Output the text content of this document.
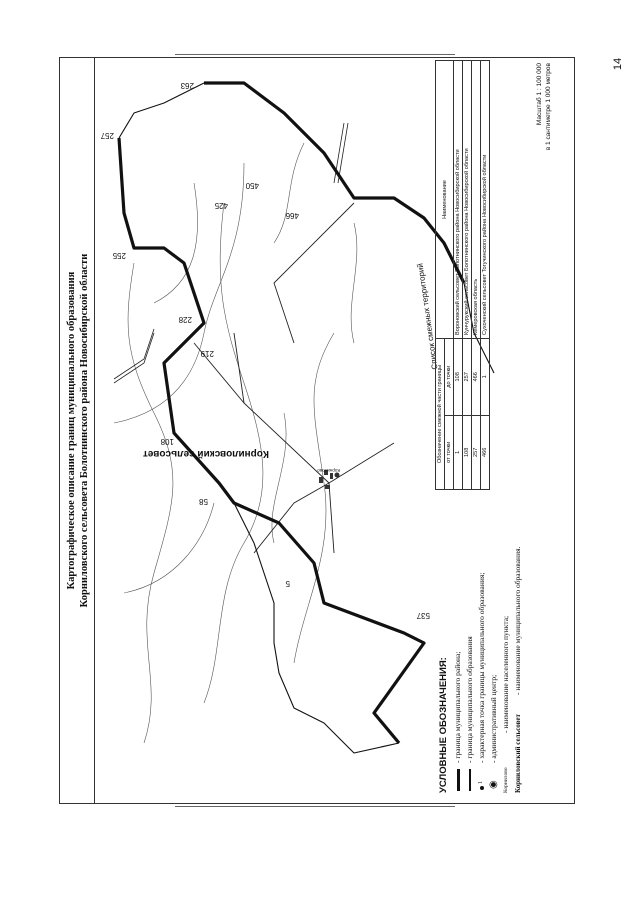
14
Картографическое описание границ муниципального образования Корниловского сельсовета Болотнинского района Новосибирской области
257
263
255
425
450
228
466
219
108
58
5
537
Корниловский сельсовет
Корнилово
УСЛОВНЫЕ ОБОЗНАЧЕНИЯ: - граница муниципального района; - граница муниципального образования
1
- характерная точка границы муниципального образования;
◉
- административный центр;
Корнилово
- наименование населенного пункта;
Корниловский сельсовет
- наименование муниципального образования.
Список смежных территорий
Обозначение смежной части границы		Наименование
от точки	до точки	
1	108	Вороновский сельсовет Болотнинского района Новосибирской области
108	257	Кунчурукский сельсовет Болотнинского района Новосибирской области
257	466	Кемеровская область
466	1	Сухоченский сельсовет Тогучинского района Новосибирской области
Масштаб 1 : 100 000 в 1 сантиметре 1 000 метров
